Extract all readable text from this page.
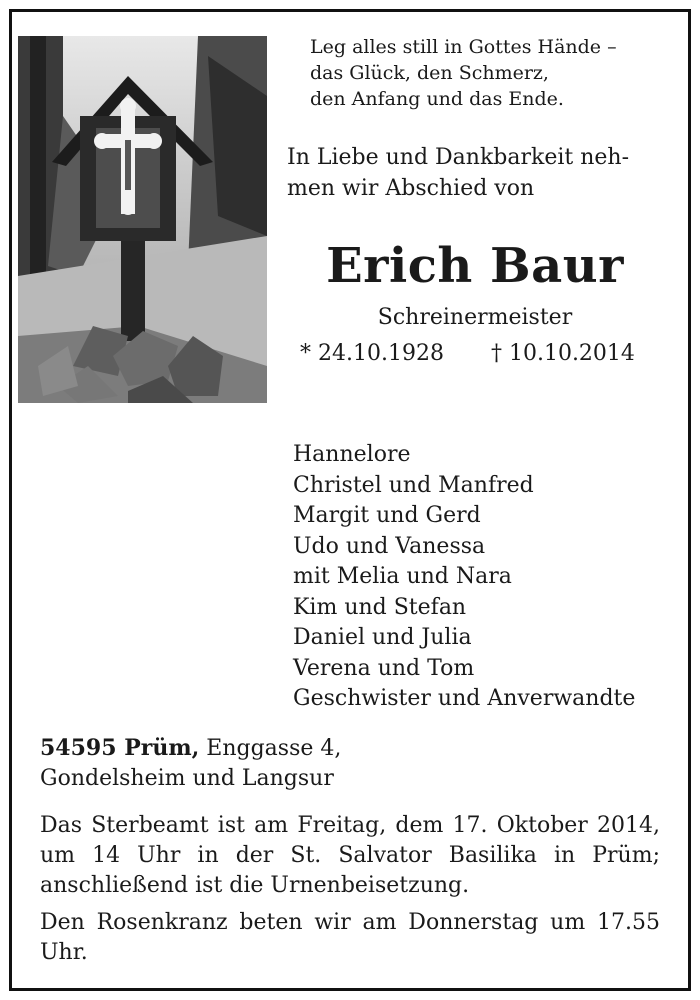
Leg alles still in Gottes Hände –
das Glück, den Schmerz,
den Anfang und das Ende.
In Liebe und Dankbarkeit neh-
men wir Abschied von
Erich Baur
Schreinermeister
* 24.10.1928 † 10.10.2014
Hannelore
Christel und Manfred
Margit und Gerd
Udo und Vanessa
mit Melia und Nara
Kim und Stefan
Daniel und Julia
Verena und Tom
Geschwister und Anverwandte
54595 Prüm, Enggasse 4,
Gondelsheim und Langsur
Das Sterbeamt ist am Freitag, dem 17. Oktober 2014, um 14 Uhr in der St. Salvator Basilika in Prüm; anschließend ist die Urnenbeisetzung.
Den Rosenkranz beten wir am Donnerstag um 17.55 Uhr.
